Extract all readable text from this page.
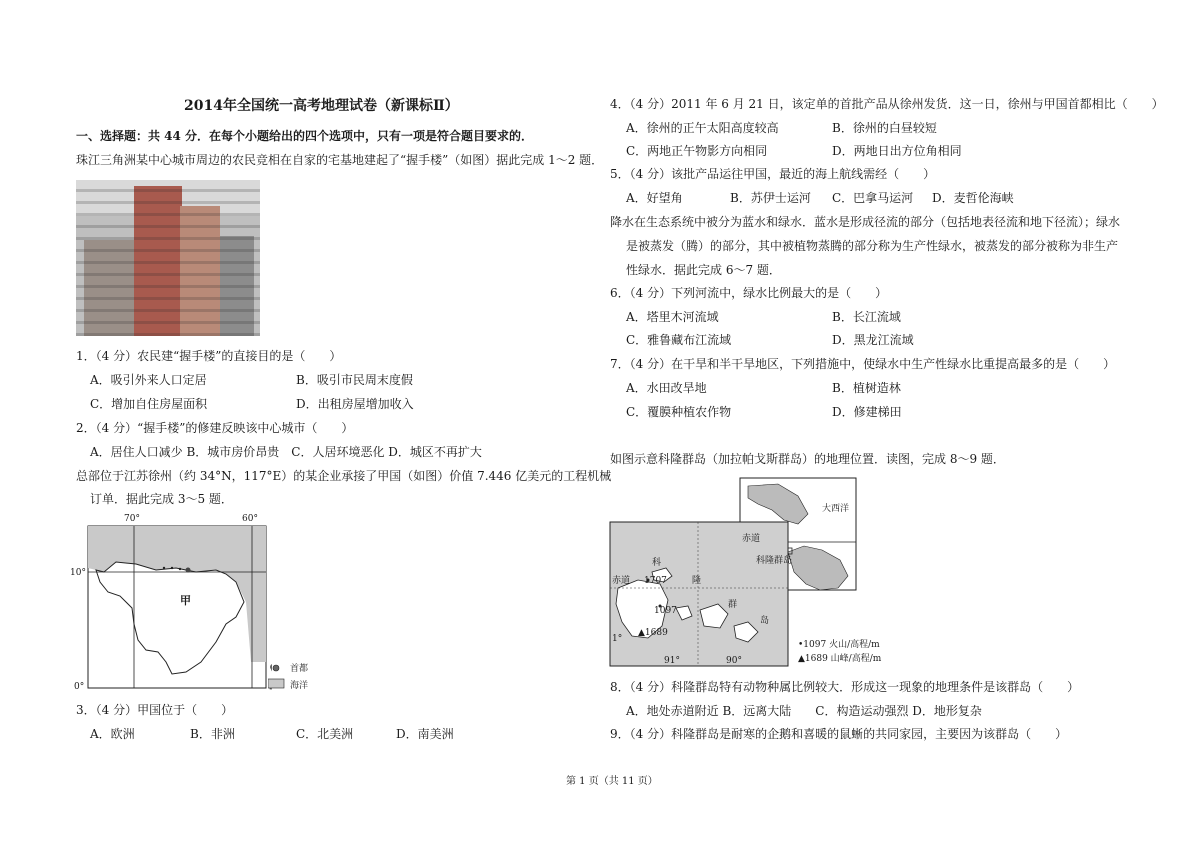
2014年全国统一高考地理试卷（新课标Ⅱ）
一、选择题：共 44 分．在每个小题给出的四个选项中，只有一项是符合题目要求的．
珠江三角洲某中心城市周边的农民竞相在自家的宅基地建起了“握手楼”（如图）据此完成 1～2 题．
1．（4 分）农民建“握手楼”的直接目的是（　　）
A．吸引外来人口定居	B．吸引市民周末度假
C．增加自住房屋面积	D．出租房屋增加收入
2．（4 分）“握手楼”的修建反映该中心城市（　　）
A．居住人口减少 B．城市房价昂贵　C．人居环境恶化 D．城区不再扩大
总部位于江苏徐州（约 34°N，117°E）的某企业承接了甲国（如图）价值 7.446 亿美元的工程机械
订单．据此完成 3～5 题．
70°	60°
10°
0°
甲
首都
海洋
3．（4 分）甲国位于（　　）
A．欧洲	B．非洲	C．北美洲	D．南美洲
4．（4 分）2011 年 6 月 21 日，该定单的首批产品从徐州发货．这一日，徐州与甲国首都相比（　　）
A．徐州的正午太阳高度较高	B．徐州的白昼较短
C．两地正午物影方向相同	D．两地日出方位角相同
5．（4 分）该批产品运往甲国，最近的海上航线需经（　　）
A．好望角	B．苏伊士运河 C．巴拿马运河 D．麦哲伦海峡
降水在生态系统中被分为蓝水和绿水．蓝水是形成径流的部分（包括地表径流和地下径流）；绿水
是被蒸发（腾）的部分，其中被植物蒸腾的部分称为生产性绿水，被蒸发的部分被称为非生产
性绿水．据此完成 6～7 题．
6．（4 分）下列河流中，绿水比例最大的是（　　）
A．塔里木河流域	B．长江流域
C．雅鲁藏布江流域	D．黑龙江流域
7．（4 分）在干旱和半干旱地区，下列措施中，使绿水中生产性绿水比重提高最多的是（　　）
A．水田改旱地	B．植树造林
C．覆膜种植农作物	D．修建梯田
如图示意科隆群岛（加拉帕戈斯群岛）的地理位置．读图，完成 8～9 题．
大西洋
赤道
科隆群岛
科
隆
群
岛
赤道 1707
1097
▲1689
1°
91°	90°
•1097 火山/高程/m
▲1689 山峰/高程/m
8．（4 分）科隆群岛特有动物种属比例较大．形成这一现象的地理条件是该群岛（　　）
A．地处赤道附近 B．远离大陆　　C．构造运动强烈 D．地形复杂
9．（4 分）科隆群岛是耐寒的企鹅和喜暖的鼠蜥的共同家园，主要因为该群岛（　　）
第 1 页（共 11 页）
